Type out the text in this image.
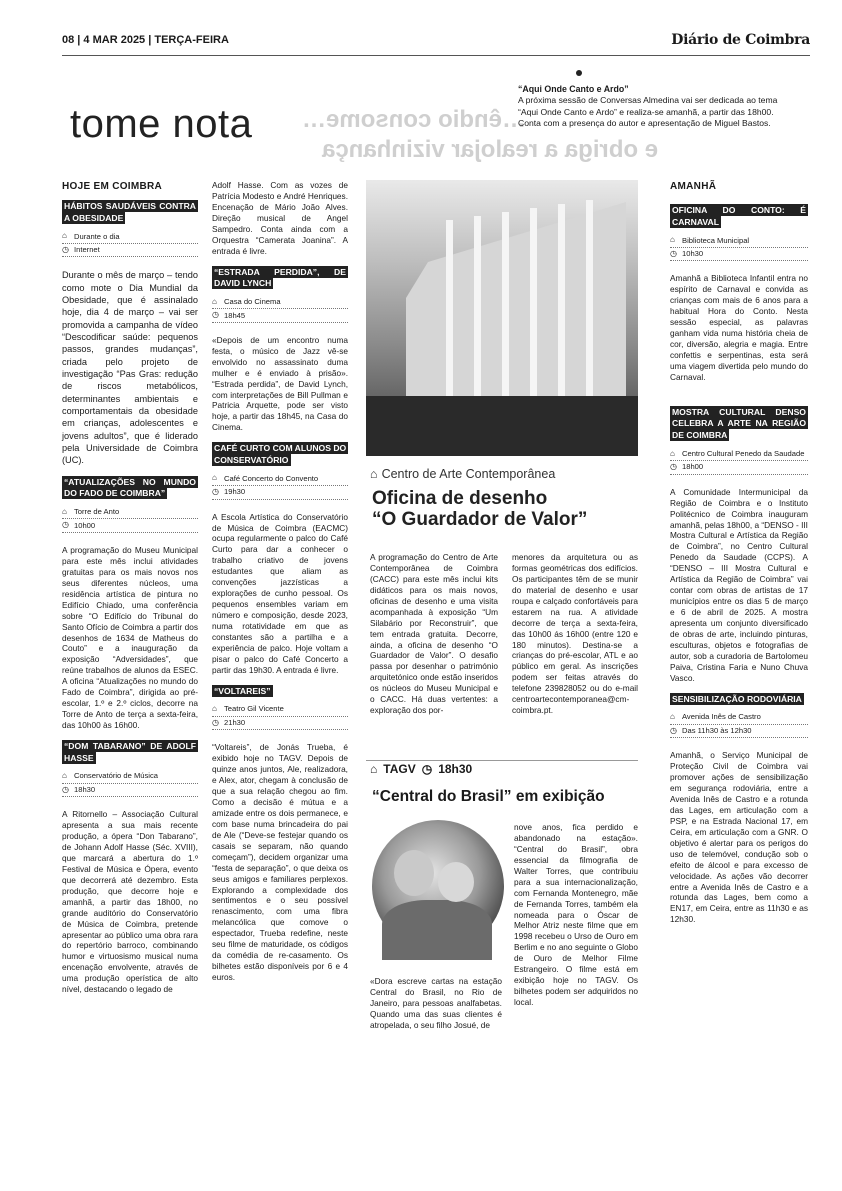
08 | 4 MAR 2025 | TERÇA-FEIRA	Diário de Coimbra
…êndio consome…
e obriga a realojar vizinhança
tome nota
“Aqui Onde Canto e Ardo”
A próxima sessão de Conversas Almedina vai ser dedicada ao tema “Aqui Onde Canto e Ardo” e realiza-se amanhã, a partir das 18h00. Conta com a presença do autor e apresentação de Miguel Bastos.
HOJE EM COIMBRA
HÁBITOS SAUDÁVEIS CONTRA A OBESIDADE
⌂ Durante o dia
◷ Internet
Durante o mês de março – tendo como mote o Dia Mundial da Obesidade, que é assinalado hoje, dia 4 de março – vai ser promovida a campanha de vídeo “Descodificar saúde: pequenos passos, grandes mudanças”, criada pelo projeto de investigação “Pas Gras: redução de riscos metabólicos, determinantes ambientais e comportamentais da obesidade em crianças, adolescentes e jovens adultos”, que é liderado pela Universidade de Coimbra (UC).
“ATUALIZAÇÕES NO MUNDO DO FADO DE COIMBRA”
⌂ Torre de Anto
◷ 10h00
A programação do Museu Municipal para este mês inclui atividades gratuitas para os mais novos nos seus diferentes núcleos, uma residência artística de pintura no Edifício Chiado, uma conferência sobre “O Edifício do Tribunal do Santo Ofício de Coimbra a partir dos desenhos de 1634 de Matheus do Couto” e a inauguração da exposição “Adversidades”, que reúne trabalhos de alunos da ESEC. A oficina “Atualizações no mundo do Fado de Coimbra”, dirigida ao pré-escolar, 1.º e 2.º ciclos, decorre na Torre de Anto de terça a sexta-feira, das 10h00 às 16h00.
“DOM TABARANO” DE ADOLF HASSE
⌂ Conservatório de Música
◷ 18h30
A Ritornello – Associação Cultural apresenta a sua mais recente produção, a ópera “Don Tabarano”, de Johann Adolf Hasse (Séc. XVIII), que marcará a abertura do 1.º Festival de Música e Ópera, evento que decorrerá até dezembro. Esta produção, que decorre hoje e amanhã, a partir das 18h00, no grande auditório do Conservatório de Música de Coimbra, pretende apresentar ao público uma obra rara do repertório barroco, combinando humor e virtuosismo musical numa encenação envolvente, através de uma produção operística de alto nível, destacando o legado de
Adolf Hasse. Com as vozes de Patrícia Modesto e André Henriques. Encenação de Mário João Alves. Direção musical de Angel Sampedro. Conta ainda com a Orquestra “Camerata Joanina”. A entrada é livre.
“ESTRADA PERDIDA”, DE DAVID LYNCH
⌂ Casa do Cinema
◷ 18h45
«Depois de um encontro numa festa, o músico de Jazz vê-se envolvido no assassinato duma mulher e é enviado à prisão». “Estrada perdida”, de David Lynch, com interpretações de Bill Pullman e Patricia Arquette, pode ser visto hoje, a partir das 18h45, na Casa do Cinema.
CAFÉ CURTO COM ALUNOS DO CONSERVATÓRIO
⌂ Café Concerto do Convento
◷ 19h30
A Escola Artística do Conservatório de Música de Coimbra (EACMC) ocupa regularmente o palco do Café Curto para dar a conhecer o trabalho criativo de jovens estudantes que aliam as convenções jazzísticas a explorações de cunho pessoal. Os pequenos ensembles variam em número e composição, desde 2023, numa rotatividade em que as constantes são a partilha e a experiência de palco. Hoje voltam a pisar o palco do Café Concerto a partir das 19h30. A entrada é livre.
“VOLTAREIS”
⌂ Teatro Gil Vicente
◷ 21h30
“Voltareis”, de Jonás Trueba, é exibido hoje no TAGV. Depois de quinze anos juntos, Ale, realizadora, e Alex, ator, chegam à conclusão de que a sua relação chegou ao fim. Como a decisão é mútua e a amizade entre os dois permanece, e com base numa brincadeira do pai de Ale (“Deve-se festejar quando os casais se separam, não quando começam”), decidem organizar uma “festa de separação”, o que deixa os seus amigos e familiares perplexos. Explorando a complexidade dos sentimentos e o seu possível renascimento, com uma fibra melancólica que comove o espectador, Trueba redefine, neste seu filme de maturidade, os códigos da comédia de re-casamento. Os bilhetes estão disponíveis por 6 e 4 euros.
⌂ Centro de Arte Contemporânea
Oficina de desenho
“O Guardador de Valor”
A programação do Centro de Arte Contemporânea de Coimbra (CACC) para este mês inclui kits didáticos para os mais novos, oficinas de desenho e uma visita acompanhada à exposição “Um Silabário por Reconstruir”, que tem entrada gratuita. Decorre, ainda, a oficina de desenho “O Guardador de Valor”. O desafio passa por desenhar o património arquitetónico onde estão inseridos os núcleos do Museu Municipal e o CACC. Há duas vertentes: a exploração dos por-
menores da arquitetura ou as formas geométricas dos edifícios. Os participantes têm de se munir do material de desenho e usar roupa e calçado confortáveis para estarem na rua. A atividade decorre de terça a sexta-feira, das 10h00 ás 16h00 (entre 120 e 180 minutos). Destina-se a crianças do pré-escolar, ATL e ao público em geral. As inscrições podem ser feitas através do telefone 239828052 ou do e-mail centroartecontemporanea@cm-coimbra.pt.
⌂ TAGV ◷ 18h30
“Central do Brasil” em exibição
«Dora escreve cartas na estação Central do Brasil, no Rio de Janeiro, para pessoas analfabetas. Quando uma das suas clientes é atropelada, o seu filho Josué, de
nove anos, fica perdido e abandonado na estação». “Central do Brasil”, obra essencial da filmografia de Walter Torres, que contribuiu para a sua internacionalização, com Fernanda Montenegro, mãe de Fernanda Torres, também ela nomeada para o Óscar de Melhor Atriz neste filme que em 1998 recebeu o Urso de Ouro em Berlim e no ano seguinte o Globo de Ouro de Melhor Filme Estrangeiro. O filme está em exibição hoje no TAGV. Os bilhetes podem ser adquiridos no local.
AMANHÃ
OFICINA DO CONTO: É CARNAVAL
⌂ Biblioteca Municipal
◷ 10h30
Amanhã a Biblioteca Infantil entra no espírito de Carnaval e convida as crianças com mais de 6 anos para a habitual Hora do Conto. Nesta sessão especial, as palavras ganham vida numa história cheia de cor, diversão, alegria e magia. Entre confettis e serpentinas, esta será uma viagem divertida pelo mundo do Carnaval.
MOSTRA CULTURAL DENSO CELEBRA A ARTE NA REGIÃO DE COIMBRA
⌂ Centro Cultural Penedo da Saudade
◷ 18h00
A Comunidade Intermunicipal da Região de Coimbra e o Instituto Politécnico de Coimbra inauguram amanhã, pelas 18h00, a “DENSO - III Mostra Cultural e Artística da Região de Coimbra”, no Centro Cultural Penedo da Saudade (CCPS). A “DENSO – III Mostra Cultural e Artística da Região de Coimbra” vai contar com obras de artistas de 17 municípios entre os dias 5 de março e 6 de abril de 2025. A mostra apresenta um conjunto diversificado de obras de arte, incluindo pinturas, esculturas, objetos e fotografias de autor, sob a curadoria de Bartolomeu Paiva, Cristina Faria e Nuno Chuva Vasco.
SENSIBILIZAÇÃO RODOVIÁRIA
⌂ Avenida Inês de Castro
◷ Das 11h30 às 12h30
Amanhã, o Serviço Municipal de Proteção Civil de Coimbra vai promover ações de sensibilização em segurança rodoviária, entre a Avenida Inês de Castro e a rotunda das Lages, em articulação com a PSP, e na Estrada Nacional 17, em Ceira, em articulação com a GNR. O objetivo é alertar para os perigos do uso de telemóvel, condução sob o efeito de álcool e para excesso de velocidade. As ações vão decorrer entre a Avenida Inês de Castro e a rotunda das Lages, bem como a EN17, em Ceira, entre as 11h30 e as 12h30.
